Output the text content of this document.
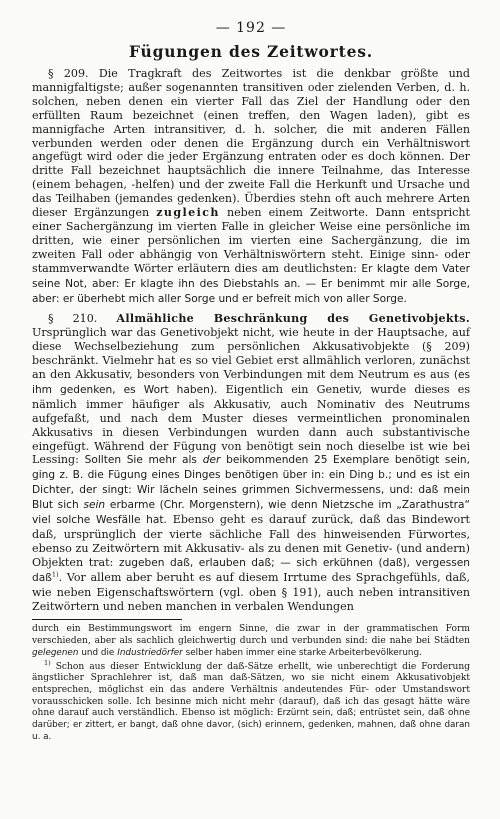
— 192 —
Fügungen des Zeitwortes.

§ 209. Die Tragkraft des Zeitwortes ist die denkbar größte und mannigfaltigste; außer sogenannten transitiven oder zielenden Verben, d. h. solchen, neben denen ein vierter Fall das Ziel der Handlung oder den erfüllten Raum bezeichnet (einen treffen, den Wagen laden), gibt es mannigfache Arten intransitiver, d. h. solcher, die mit anderen Fällen verbunden werden oder denen die Ergänzung durch ein Verhältniswort angefügt wird oder die jeder Ergänzung entraten oder es doch können. Der dritte Fall bezeichnet hauptsächlich die innere Teilnahme, das Interesse (einem behagen, -helfen) und der zweite Fall die Herkunft und Ursache und das Teilhaben (jemandes gedenken). Überdies stehn oft auch mehrere Arten dieser Ergänzungen zugleich neben einem Zeitworte. Dann entspricht einer Sachergänzung im vierten Falle in gleicher Weise eine persönliche im dritten, wie einer persönlichen im vierten eine Sachergänzung, die im zweiten Fall oder abhängig von Verhältniswörtern steht. Einige sinn- oder stammverwandte Wörter erläutern dies am deutlichsten: Er klagte dem Vater seine Not, aber: Er klagte ihn des Diebstahls an. — Er benimmt mir alle Sorge, aber: er überhebt mich aller Sorge und er befreit mich von aller Sorge.

§ 210. Allmähliche Beschränkung des Genetivobjekts. Ursprünglich war das Genetivobjekt nicht, wie heute in der Hauptsache, auf diese Wechselbeziehung zum persönlichen Akkusativobjekte (§ 209) beschränkt. Vielmehr hat es so viel Gebiet erst allmählich verloren, zunächst an den Akkusativ, besonders von Verbindungen mit dem Neutrum es aus (es ihm gedenken, es Wort haben). Eigentlich ein Genetiv, wurde dieses es nämlich immer häufiger als Akkusativ, auch Nominativ des Neutrums aufgefaßt, und nach dem Muster dieses vermeintlichen pronominalen Akkusativs in diesen Verbindungen wurden dann auch substantivische eingefügt. Während der Fügung von benötigt sein noch dieselbe ist wie bei Lessing: Sollten Sie mehr als der beikommenden 25 Exemplare benötigt sein, ging z. B. die Fügung eines Dinges benötigen über in: ein Ding b.; und es ist ein Dichter, der singt: Wir lächeln seines grimmen Sichvermessens, und: daß mein Blut sich sein erbarme (Chr. Morgenstern), wie denn Nietzsche im „Zarathustra“ viel solche Wesfälle hat. Ebenso geht es darauf zurück, daß das Bindewort daß, ursprünglich der vierte sächliche Fall des hinweisenden Fürwortes, ebenso zu Zeitwörtern mit Akkusativ- als zu denen mit Genetiv- (und andern) Objekten trat: zugeben daß, erlauben daß; — sich erkühnen (daß), vergessen daß$^{1)}$. Vor allem aber beruht es auf diesem Irrtume des Sprachgefühls, daß, wie neben Eigenschaftswörtern (vgl. oben § 191), auch neben intransitiven Zeitwörtern und neben manchen in verbalen Wendungen

durch ein Bestimmungswort im engern Sinne, die zwar in der grammatischen Form verschieden, aber als sachlich gleichwertig durch und verbunden sind: die nahe bei Städten gelegenen und die Industriedörfer selber haben immer eine starke Arbeiterbevölkerung.

$^{1)}$ Schon aus dieser Entwicklung der daß-Sätze erhellt, wie unberechtigt die Forderung ängstlicher Sprachlehrer ist, daß man daß-Sätzen, wo sie nicht einem Akkusativobjekt entsprechen, möglichst ein das andere Verhältnis andeutendes Für- oder Umstandswort vorausschicken solle. Ich besinne mich nicht mehr (darauf), daß ich das gesagt hätte wäre ohne darauf auch verständlich. Ebenso ist möglich: Erzürnt sein, daß; entrüstet sein, daß ohne darüber; er zittert, er bangt, daß ohne davor, (sich) erinnern, gedenken, mahnen, daß ohne daran u. a.
